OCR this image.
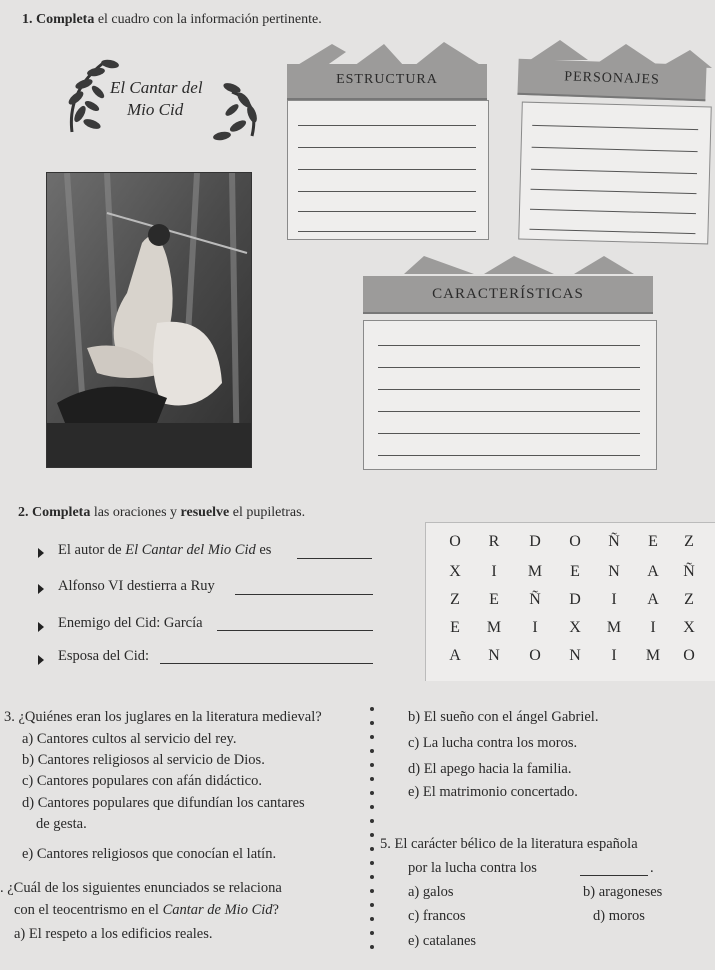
1. Completa el cuadro con la información pertinente.
El Cantar del
Mio Cid
ESTRUCTURA	PERSONAJES
CARACTERÍSTICAS
2. Completa las oraciones y resuelve el pupiletras.
El autor de El Cantar del Mio Cid es
Alfonso VI destierra a Ruy
Enemigo del Cid: García
Esposa del Cid:
O	R	D	O	Ñ	E	Z
X	I	M	E	N	A	Ñ
Z	E	Ñ	D	I	A	Z
E	M	I	X	M	I	X
A	N	O	N	I	M	O
3. ¿Quiénes eran los juglares en la literatura medieval?
a) Cantores cultos al servicio del rey.
b) Cantores religiosos al servicio de Dios.
c) Cantores populares con afán didáctico.
d) Cantores populares que difundían los cantares
de gesta.
e) Cantores religiosos que conocían el latín.
. ¿Cuál de los siguientes enunciados se relaciona
con el teocentrismo en el Cantar de Mio Cid?
a) El respeto a los edificios reales.
b) El sueño con el ángel Gabriel.
c) La lucha contra los moros.
d) El apego hacia la familia.
e) El matrimonio concertado.
5. El carácter bélico de la literatura española
por la lucha contra los	.
a) galos	b) aragoneses
c) francos	d) moros
e) catalanes
